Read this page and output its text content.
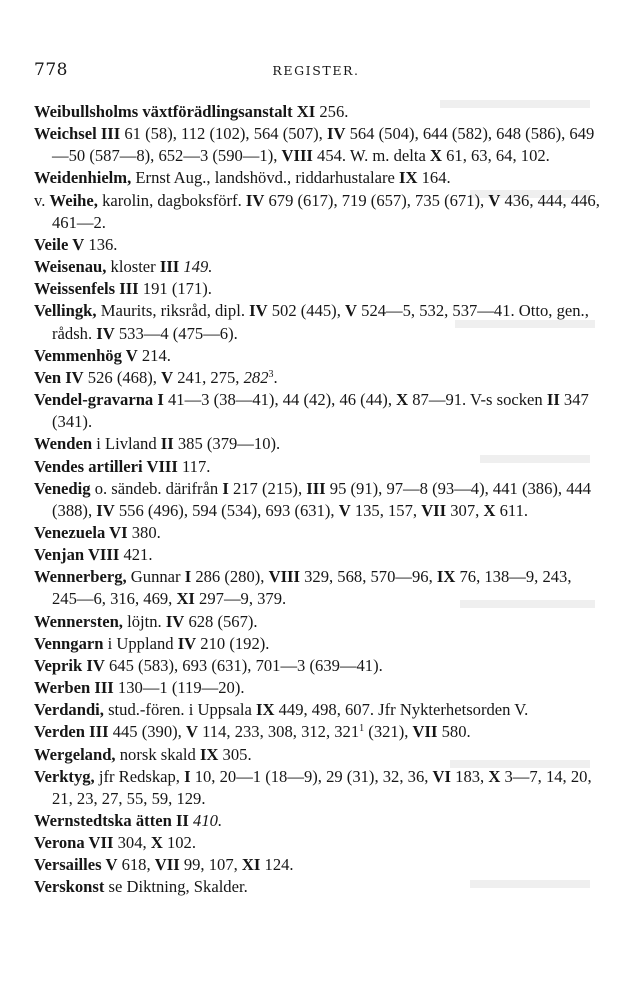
778	REGISTER.

Weibullsholms växtförädlingsanstalt XI 256.

Weichsel III 61 (58), 112 (102), 564 (507), IV 564 (504), 644 (582), 648 (586), 649—50 (587—8), 652—3 (590—1), VIII 454. W. m. delta X 61, 63, 64, 102.

Weidenhielm, Ernst Aug., landshövd., riddarhustalare IX 164.

v. Weihe, karolin, dagboksförf. IV 679 (617), 719 (657), 735 (671), V 436, 444, 446, 461—2.

Veile V 136.

Weisenau, kloster III 149.

Weissenfels III 191 (171).

Vellingk, Maurits, riksråd, dipl. IV 502 (445), V 524—5, 532, 537—41. Otto, gen., rådsh. IV 533—4 (475—6).

Vemmenhög V 214.

Ven IV 526 (468), V 241, 275, $282^3$.

Vendel-gravarna I 41—3 (38—41), 44 (42), 46 (44), X 87—91. V-s socken II 347 (341).

Wenden i Livland II 385 (379—10).

Vendes artilleri VIII 117.

Venedig o. sändeb. därifrån I 217 (215), III 95 (91), 97—8 (93—4), 441 (386), 444 (388), IV 556 (496), 594 (534), 693 (631), V 135, 157, VII 307, X 611.

Venezuela VI 380.

Venjan VIII 421.

Wennerberg, Gunnar I 286 (280), VIII 329, 568, 570—96, IX 76, 138—9, 243, 245—6, 316, 469, XI 297—9, 379.

Wennersten, löjtn. IV 628 (567).

Venngarn i Uppland IV 210 (192).

Veprik IV 645 (583), 693 (631), 701—3 (639—41).

Werben III 130—1 (119—20).

Verdandi, stud.-fören. i Uppsala IX 449, 498, 607. Jfr Nykterhetsorden V.

Verden III 445 (390), V 114, 233, 308, 312, $321^1$ (321), VII 580.

Wergeland, norsk skald IX 305.

Verktyg, jfr Redskap, I 10, 20—1 (18—9), 29 (31), 32, 36, VI 183, X 3—7, 14, 20, 21, 23, 27, 55, 59, 129.

Wernstedtska ätten II 410.

Verona VII 304, X 102.

Versailles V 618, VII 99, 107, XI 124.

Verskonst se Diktning, Skalder.
